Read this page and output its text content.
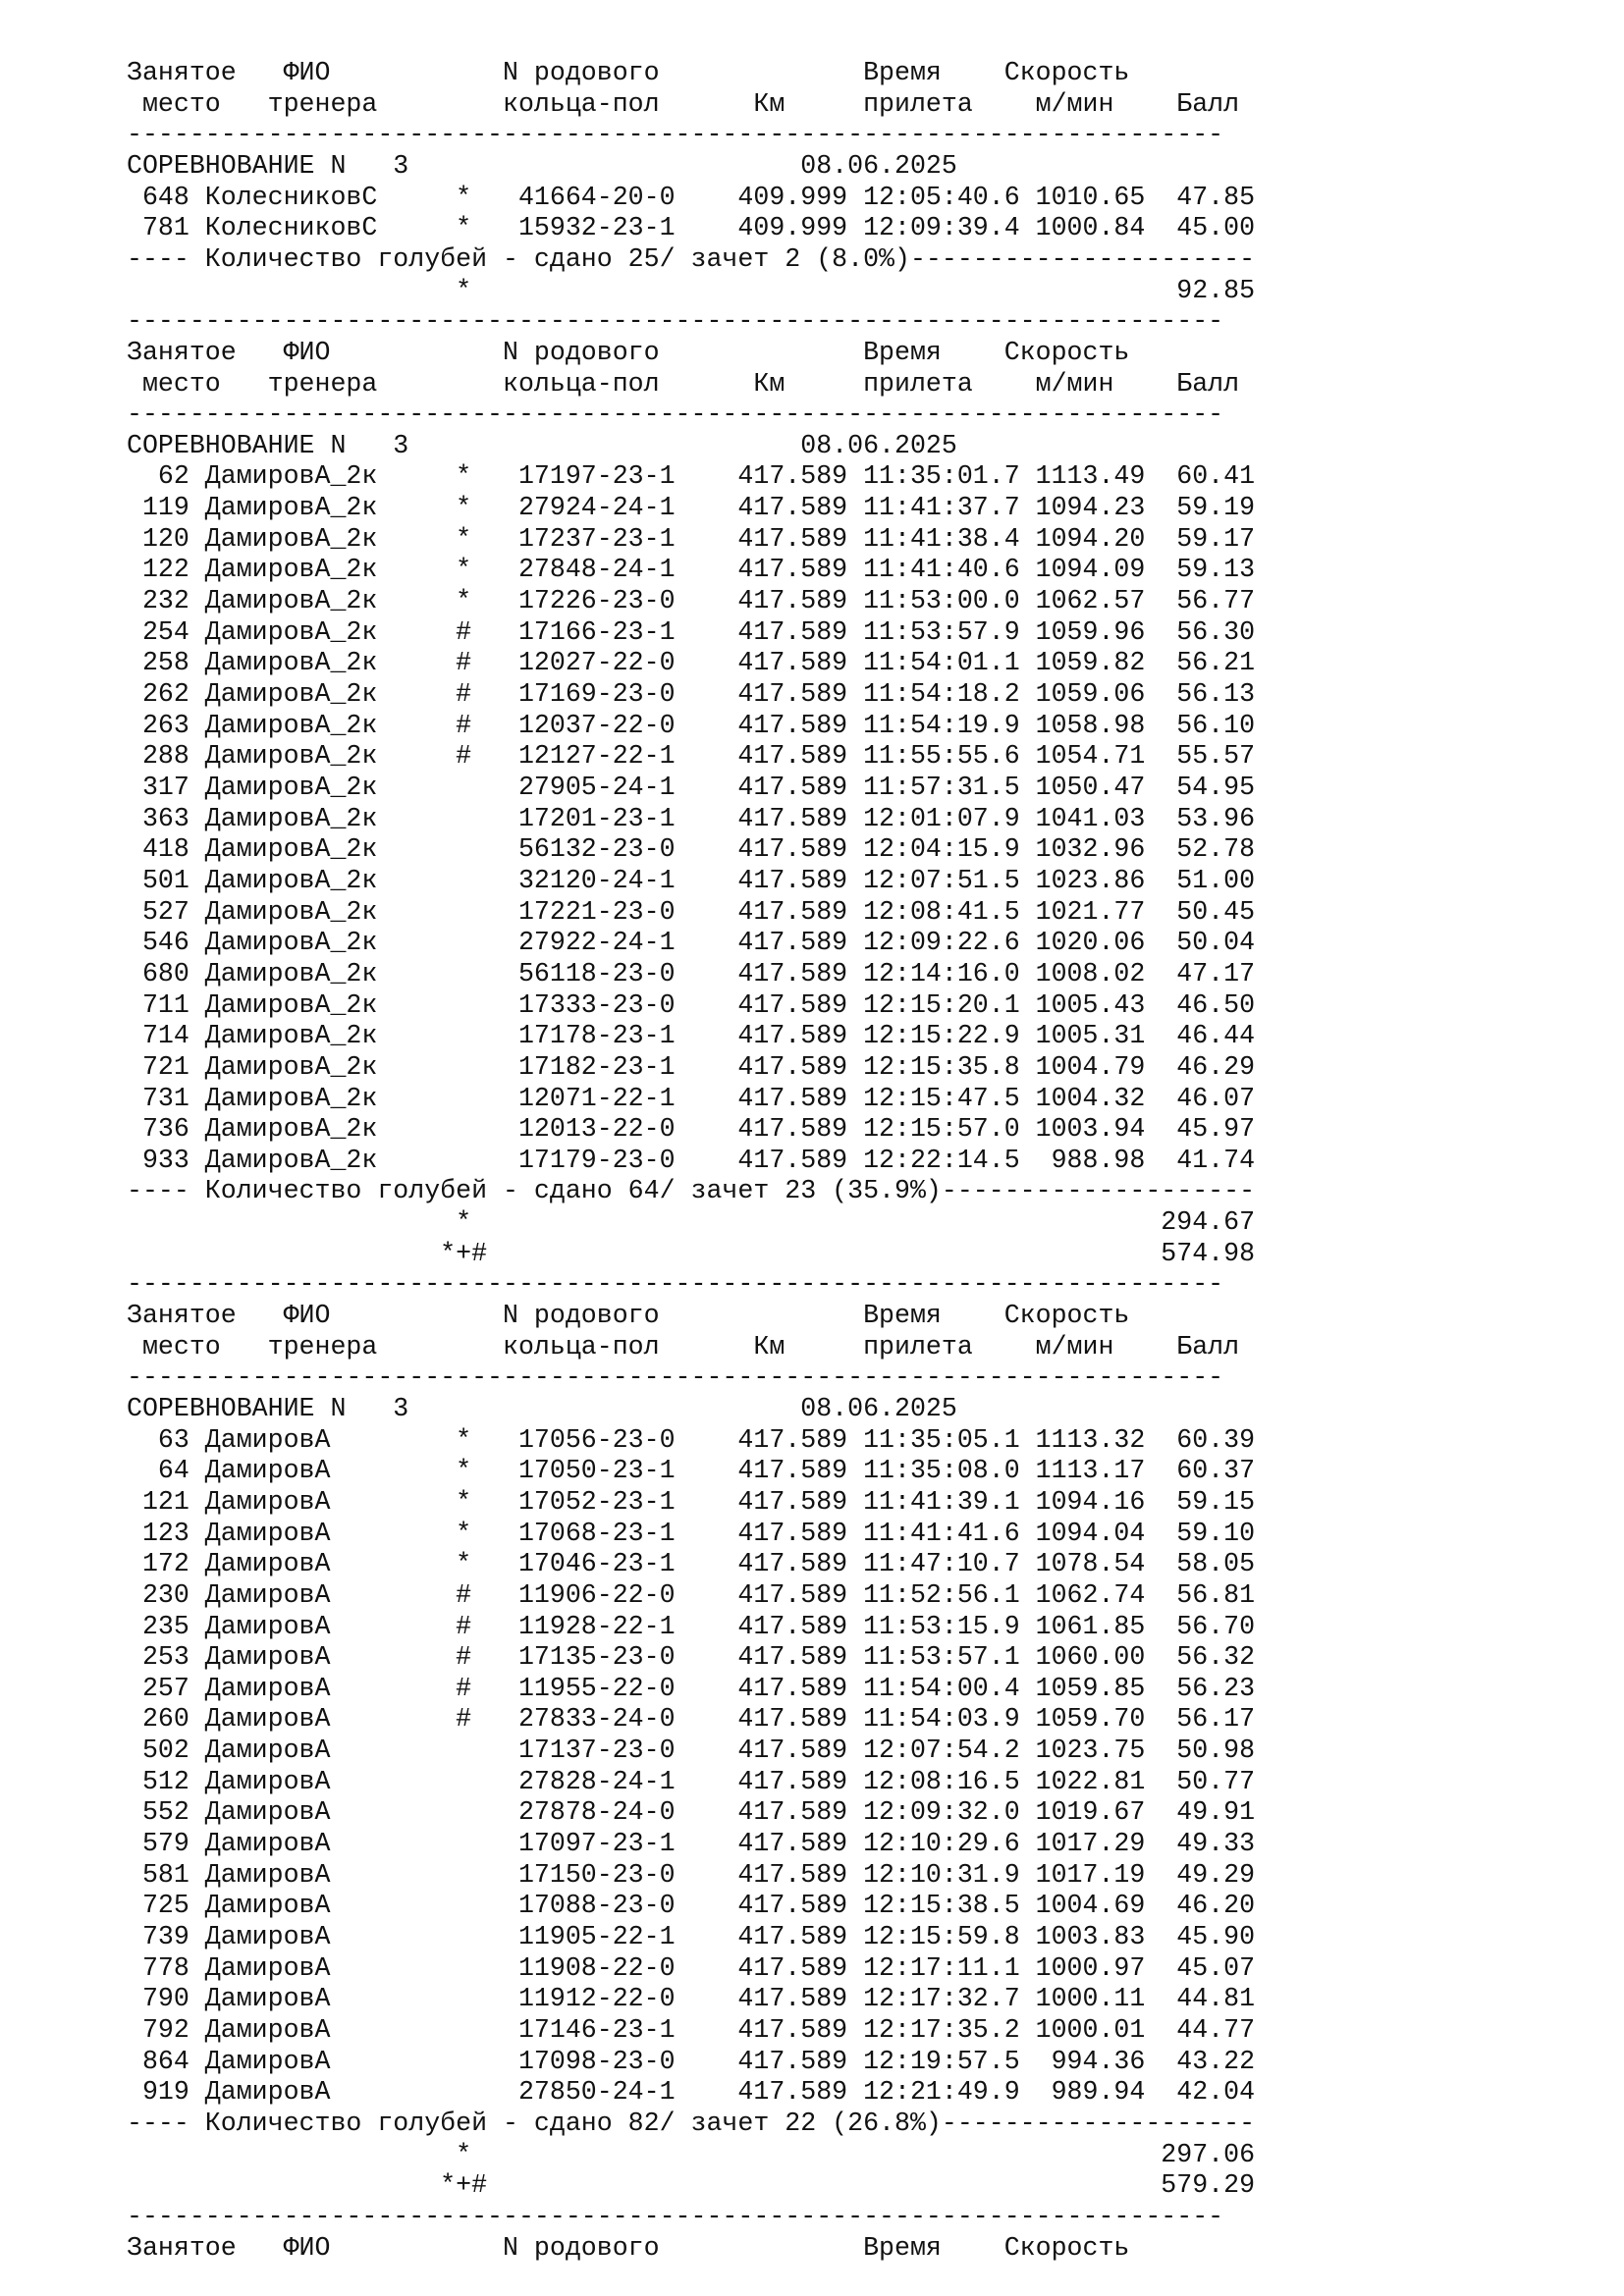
Занятое   ФИО           N родового             Время    Скорость
место   тренера        кольца-пол      Км     прилета    м/мин    Балл
----------------------------------------------------------------------
СОРЕВНОВАНИЕ N   3                         08.06.2025
648 КолесниковС     *   41664-20-0    409.999 12:05:40.6 1010.65  47.85
781 КолесниковС     *   15932-23-1    409.999 12:09:39.4 1000.84  45.00
---- Количество голубей - сдано 25/ зачет 2 (8.0%)----------------------
*                                             92.85
----------------------------------------------------------------------
Занятое   ФИО           N родового             Время    Скорость
место   тренера        кольца-пол      Км     прилета    м/мин    Балл
----------------------------------------------------------------------
СОРЕВНОВАНИЕ N   3                         08.06.2025
62 ДамировА_2к     *   17197-23-1    417.589 11:35:01.7 1113.49  60.41
119 ДамировА_2к     *   27924-24-1    417.589 11:41:37.7 1094.23  59.19
120 ДамировА_2к     *   17237-23-1    417.589 11:41:38.4 1094.20  59.17
122 ДамировА_2к     *   27848-24-1    417.589 11:41:40.6 1094.09  59.13
232 ДамировА_2к     *   17226-23-0    417.589 11:53:00.0 1062.57  56.77
254 ДамировА_2к     #   17166-23-1    417.589 11:53:57.9 1059.96  56.30
258 ДамировА_2к     #   12027-22-0    417.589 11:54:01.1 1059.82  56.21
262 ДамировА_2к     #   17169-23-0    417.589 11:54:18.2 1059.06  56.13
263 ДамировА_2к     #   12037-22-0    417.589 11:54:19.9 1058.98  56.10
288 ДамировА_2к     #   12127-22-1    417.589 11:55:55.6 1054.71  55.57
317 ДамировА_2к         27905-24-1    417.589 11:57:31.5 1050.47  54.95
363 ДамировА_2к         17201-23-1    417.589 12:01:07.9 1041.03  53.96
418 ДамировА_2к         56132-23-0    417.589 12:04:15.9 1032.96  52.78
501 ДамировА_2к         32120-24-1    417.589 12:07:51.5 1023.86  51.00
527 ДамировА_2к         17221-23-0    417.589 12:08:41.5 1021.77  50.45
546 ДамировА_2к         27922-24-1    417.589 12:09:22.6 1020.06  50.04
680 ДамировА_2к         56118-23-0    417.589 12:14:16.0 1008.02  47.17
711 ДамировА_2к         17333-23-0    417.589 12:15:20.1 1005.43  46.50
714 ДамировА_2к         17178-23-1    417.589 12:15:22.9 1005.31  46.44
721 ДамировА_2к         17182-23-1    417.589 12:15:35.8 1004.79  46.29
731 ДамировА_2к         12071-22-1    417.589 12:15:47.5 1004.32  46.07
736 ДамировА_2к         12013-22-0    417.589 12:15:57.0 1003.94  45.97
933 ДамировА_2к         17179-23-0    417.589 12:22:14.5  988.98  41.74
---- Количество голубей - сдано 64/ зачет 23 (35.9%)--------------------
*                                            294.67
*+#                                           574.98
----------------------------------------------------------------------
Занятое   ФИО           N родового             Время    Скорость
место   тренера        кольца-пол      Км     прилета    м/мин    Балл
----------------------------------------------------------------------
СОРЕВНОВАНИЕ N   3                         08.06.2025
63 ДамировА        *   17056-23-0    417.589 11:35:05.1 1113.32  60.39
64 ДамировА        *   17050-23-1    417.589 11:35:08.0 1113.17  60.37
121 ДамировА        *   17052-23-1    417.589 11:41:39.1 1094.16  59.15
123 ДамировА        *   17068-23-1    417.589 11:41:41.6 1094.04  59.10
172 ДамировА        *   17046-23-1    417.589 11:47:10.7 1078.54  58.05
230 ДамировА        #   11906-22-0    417.589 11:52:56.1 1062.74  56.81
235 ДамировА        #   11928-22-1    417.589 11:53:15.9 1061.85  56.70
253 ДамировА        #   17135-23-0    417.589 11:53:57.1 1060.00  56.32
257 ДамировА        #   11955-22-0    417.589 11:54:00.4 1059.85  56.23
260 ДамировА        #   27833-24-0    417.589 11:54:03.9 1059.70  56.17
502 ДамировА            17137-23-0    417.589 12:07:54.2 1023.75  50.98
512 ДамировА            27828-24-1    417.589 12:08:16.5 1022.81  50.77
552 ДамировА            27878-24-0    417.589 12:09:32.0 1019.67  49.91
579 ДамировА            17097-23-1    417.589 12:10:29.6 1017.29  49.33
581 ДамировА            17150-23-0    417.589 12:10:31.9 1017.19  49.29
725 ДамировА            17088-23-0    417.589 12:15:38.5 1004.69  46.20
739 ДамировА            11905-22-1    417.589 12:15:59.8 1003.83  45.90
778 ДамировА            11908-22-0    417.589 12:17:11.1 1000.97  45.07
790 ДамировА            11912-22-0    417.589 12:17:32.7 1000.11  44.81
792 ДамировА            17146-23-1    417.589 12:17:35.2 1000.01  44.77
864 ДамировА            17098-23-0    417.589 12:19:57.5  994.36  43.22
919 ДамировА            27850-24-1    417.589 12:21:49.9  989.94  42.04
---- Количество голубей - сдано 82/ зачет 22 (26.8%)--------------------
*                                            297.06
*+#                                           579.29
----------------------------------------------------------------------
Занятое   ФИО           N родового             Время    Скорость
